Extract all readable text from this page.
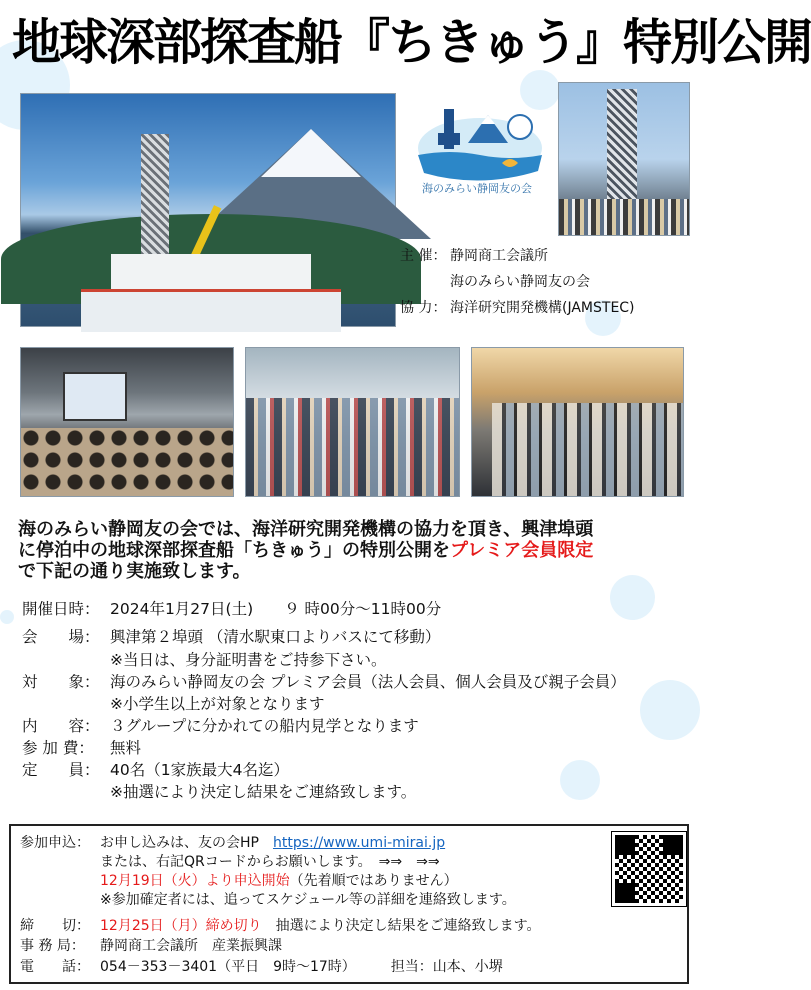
地球深部探査船『ちきゅう』特別公開
海のみらい静岡友の会
主 催： 静岡商工会議所
海のみらい静岡友の会
協 力： 海洋研究開発機構(JAMSTEC)
海のみらい静岡友の会では、海洋研究開発機構の協力を頂き、興津埠頭
に停泊中の地球深部探査船「ちきゅう」の特別公開をプレミア会員限定
で下記の通り実施致します。
開催日時： 2024年1月27日(土)　　９ 時00分～11時00分
会　　場： 興津第２埠頭 （清水駅東口よりバスにて移動）
※当日は、身分証明書をご持参下さい。
対　　象： 海のみらい静岡友の会 プレミア会員（法人会員、個人会員及び親子会員）
※小学生以上が対象となります
内　　容： ３グループに分かれての船内見学となります
参 加 費： 無料
定　　員： 40名（1家族最大4名迄）
※抽選により決定し結果をご連絡致します。
参加申込： お申し込みは、友の会HP　 https://www.umi-mirai.jp
または、右記QRコードからお願いします。　⇒⇒　⇒⇒
12月19日（火）より申込開始（先着順ではありません）
※参加確定者には、追ってスケジュール等の詳細を連絡致します。
締　　切： 12月25日（月）締め切り　 抽選により決定し結果をご連絡致します。
事 務 局： 静岡商工会議所　産業振興課
電　　話： 054－353－3401（平日　9時～17時）　　　	担当：山本、小堺
